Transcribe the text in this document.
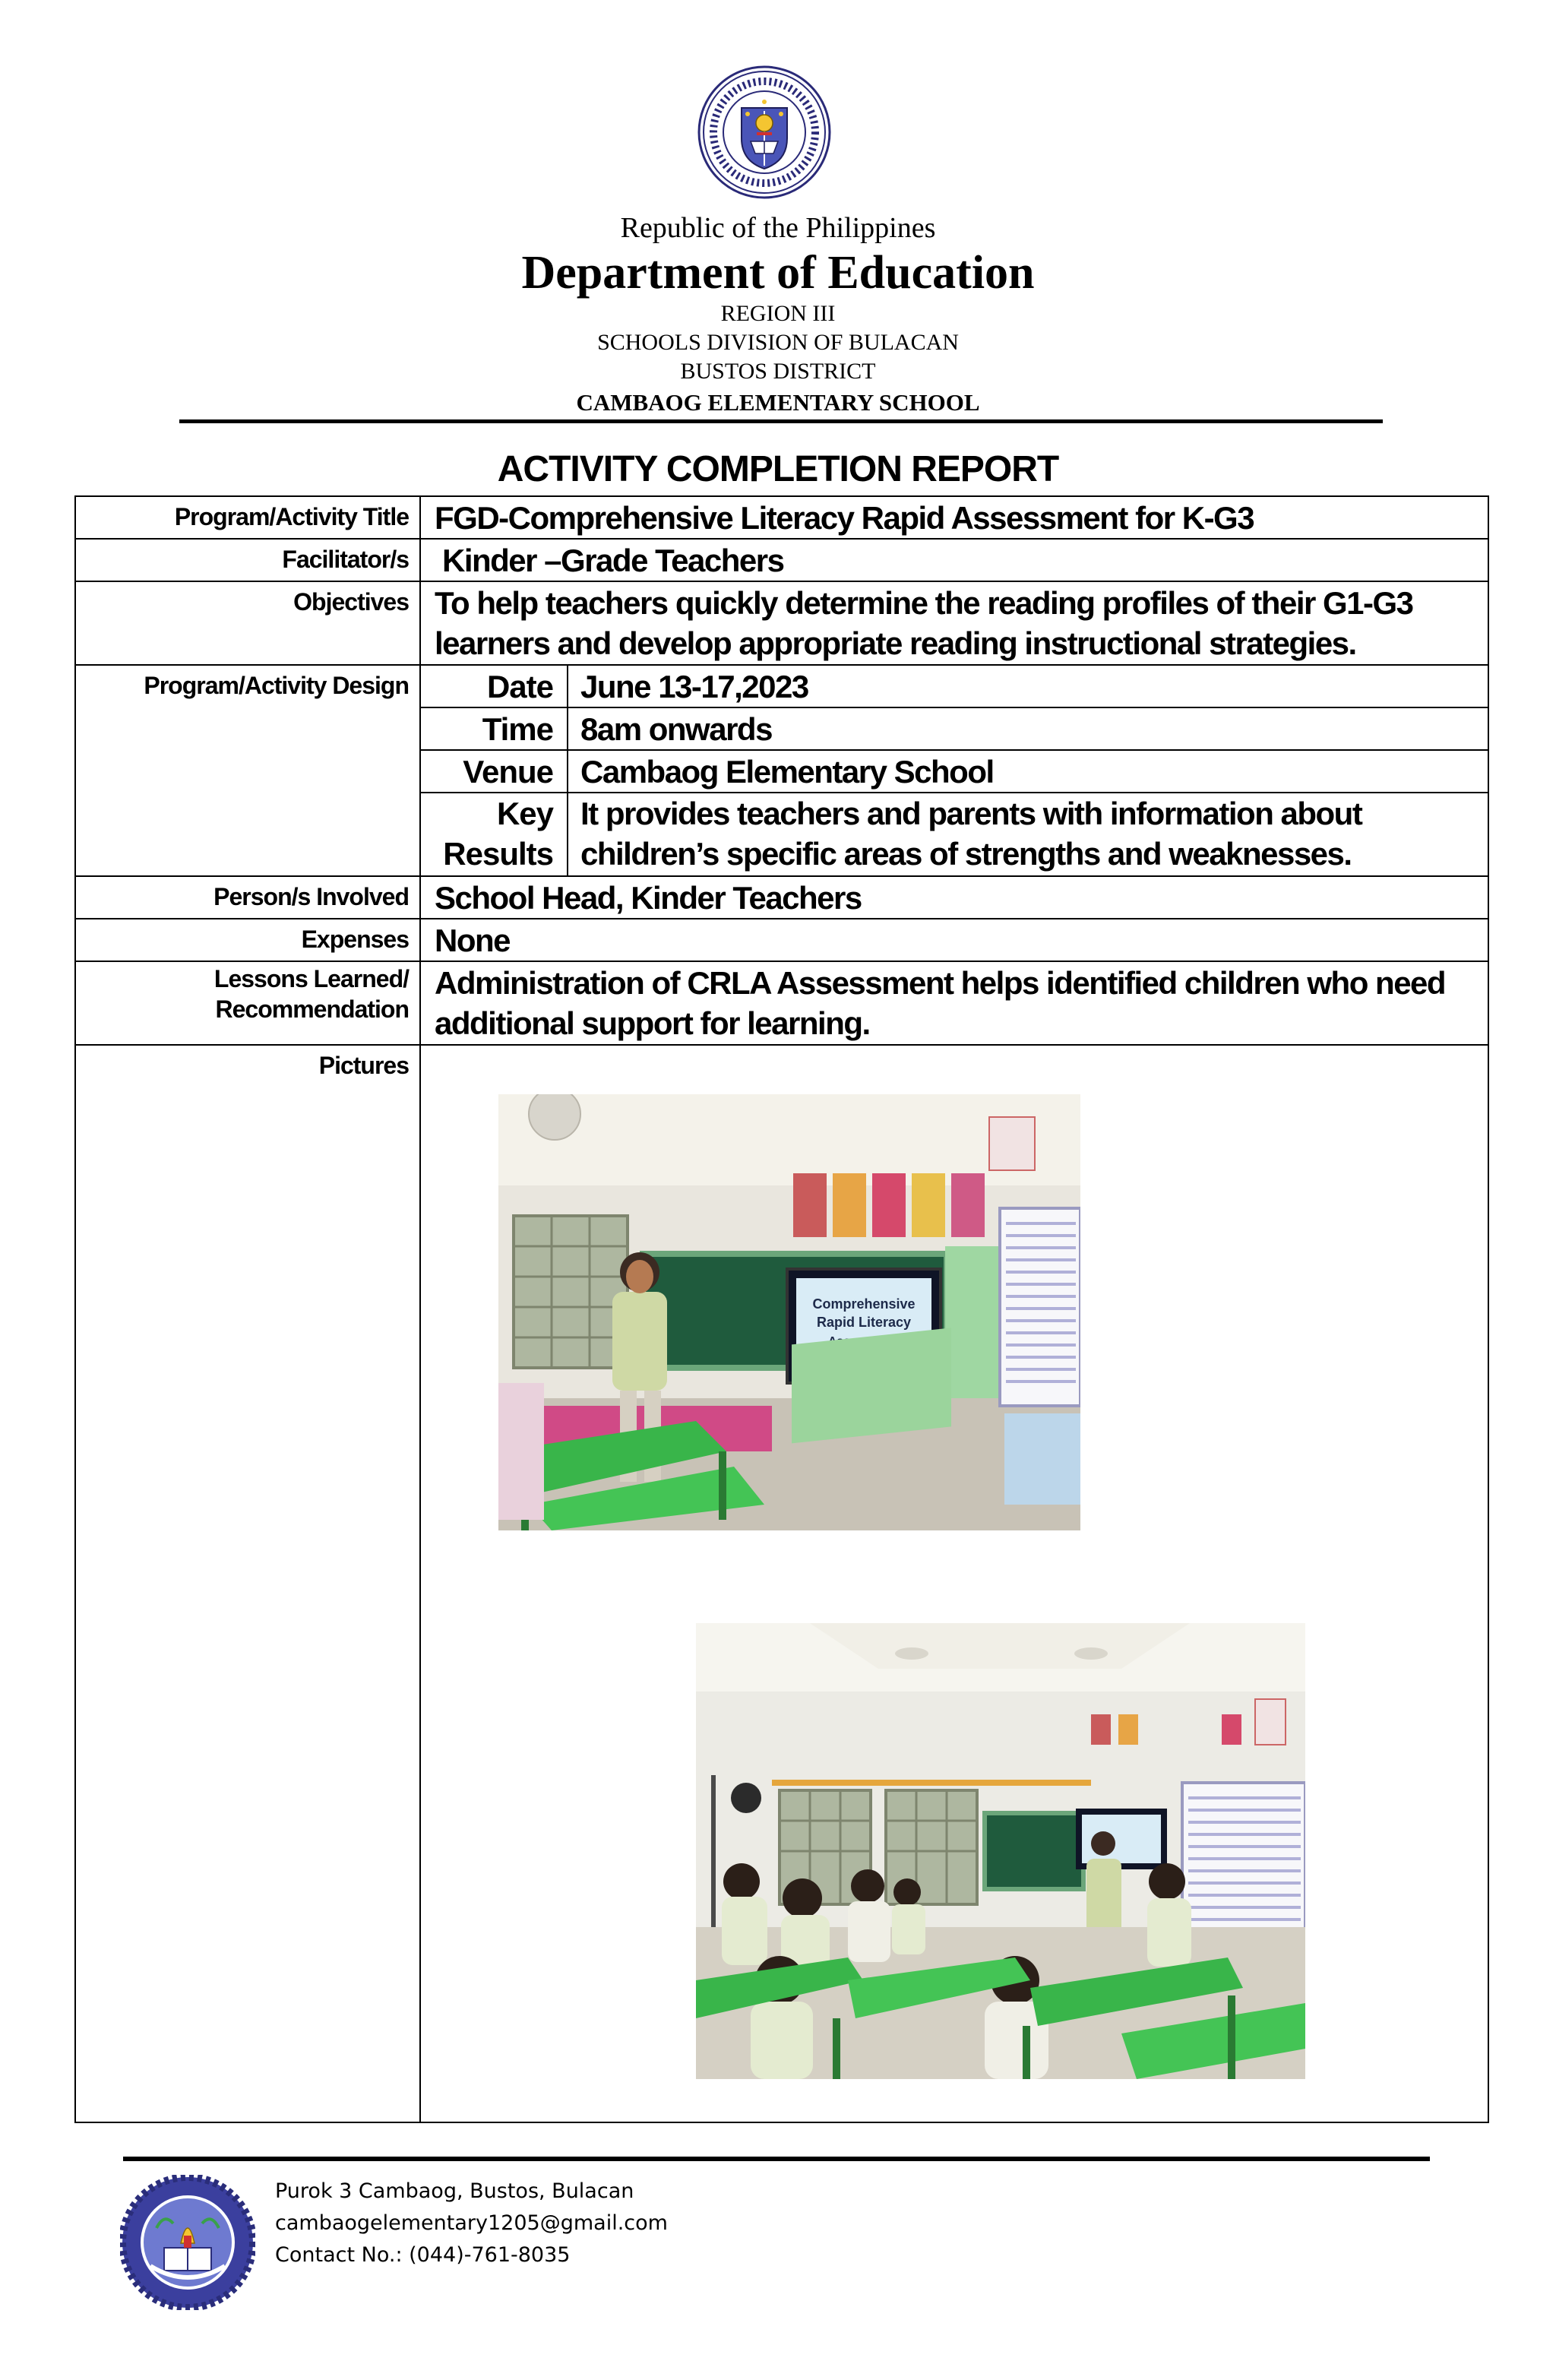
Republic of the Philippines
Department of Education
REGION III
SCHOOLS DIVISION OF BULACAN
BUSTOS DISTRICT
CAMBAOG ELEMENTARY SCHOOL
ACTIVITY COMPLETION REPORT
Program/Activity Title FGD-Comprehensive Literacy Rapid Assessment for K-G3
Facilitator/s Kinder –Grade Teachers
Objectives To help teachers quickly determine the reading profiles of their G1-G3
learners and develop appropriate reading instructional strategies.
Program/Activity Design	Date June 13-17,2023
Time 8am onwards
Venue Cambaog Elementary School
Key
Results
It provides teachers and parents with information about
children’s specific areas of strengths and weaknesses.
Person/s Involved School Head, Kinder Teachers
Expenses None
Lessons Learned/
Recommendation
Administration of CRLA Assessment helps identified children who need
additional support for learning.
Pictures
Comprehensive
Rapid Literacy
Purok 3 Cambaog, Bustos, Bulacan
cambaogelementary1205@gmail.com
Contact No.: (044)-761-8035
